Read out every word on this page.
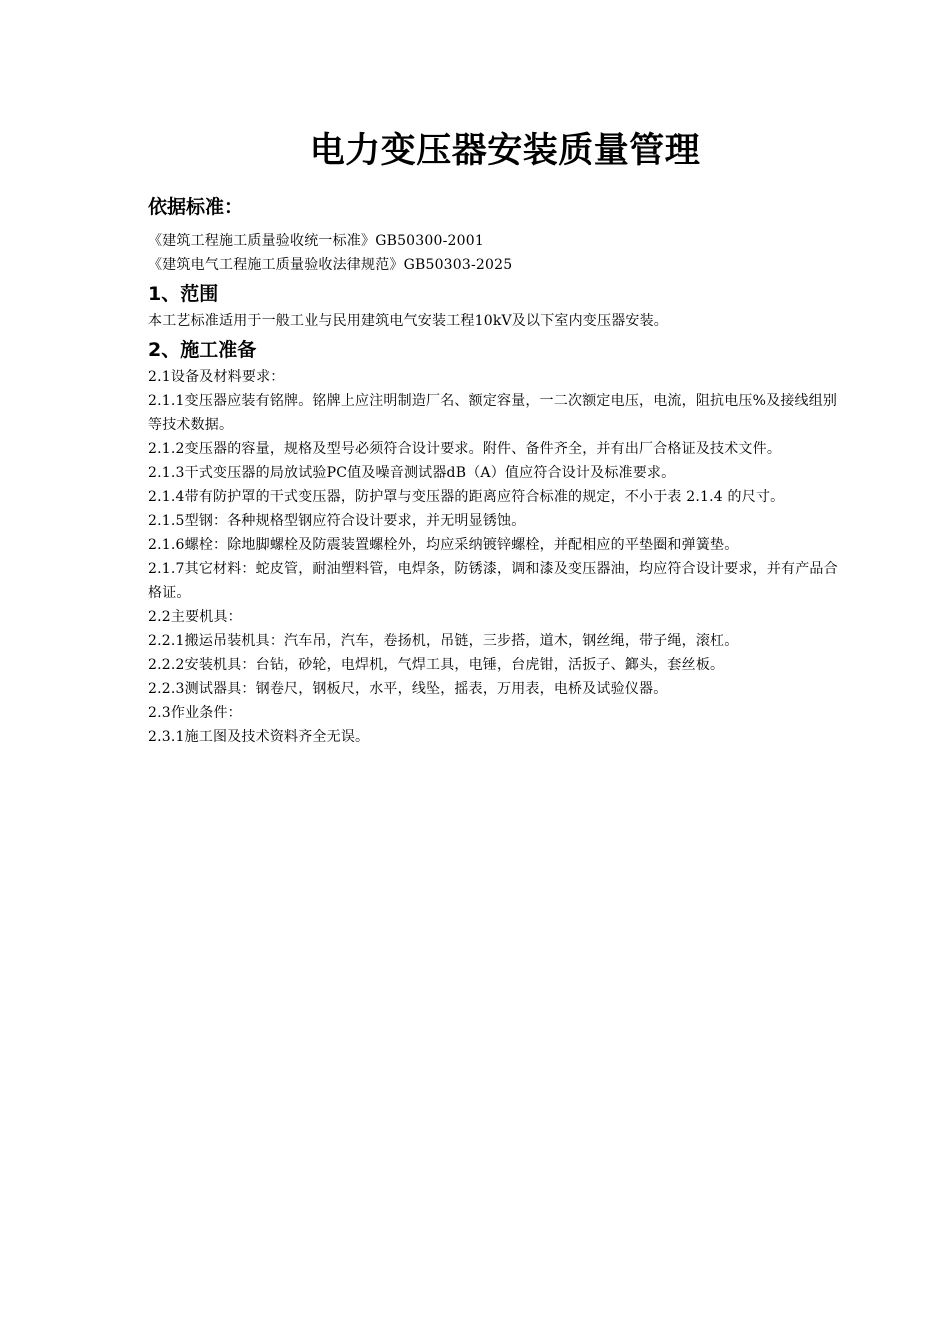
电力变压器安装质量管理
依据标准：
《建筑工程施工质量验收统一标准》GB50300-2001
《建筑电气工程施工质量验收法律规范》GB50303-2025
1、范围
本工艺标准适用于一般工业与民用建筑电气安装工程10kV及以下室内变压器安装。
2、施工准备
2.1设备及材料要求：
2.1.1变压器应装有铭牌。铭牌上应注明制造厂名、额定容量，一二次额定电压，电流，阻抗电压%及接线组别等技术数据。
2.1.2变压器的容量，规格及型号必须符合设计要求。附件、备件齐全，并有出厂合格证及技术文件。
2.1.3干式变压器的局放试验PC值及噪音测试器dB（A）值应符合设计及标准要求。
2.1.4带有防护罩的干式变压器，防护罩与变压器的距离应符合标准的规定，不小于表 2.1.4 的尺寸。
2.1.5型钢：各种规格型钢应符合设计要求，并无明显锈蚀。
2.1.6螺栓：除地脚螺栓及防震装置螺栓外，均应采纳镀锌螺栓，并配相应的平垫圈和弹簧垫。
2.1.7其它材料：蛇皮管，耐油塑料管，电焊条，防锈漆，调和漆及变压器油，均应符合设计要求，并有产品合格证。
2.2主要机具：
2.2.1搬运吊装机具：汽车吊，汽车，卷扬机，吊链，三步搭，道木，钢丝绳，带子绳，滚杠。
2.2.2安装机具：台钻，砂轮，电焊机，气焊工具，电锤，台虎钳，活扳子、鎯头，套丝板。
2.2.3测试器具：钢卷尺，钢板尺，水平，线坠，摇表，万用表，电桥及试验仪器。
2.3作业条件：
2.3.1施工图及技术资料齐全无误。
